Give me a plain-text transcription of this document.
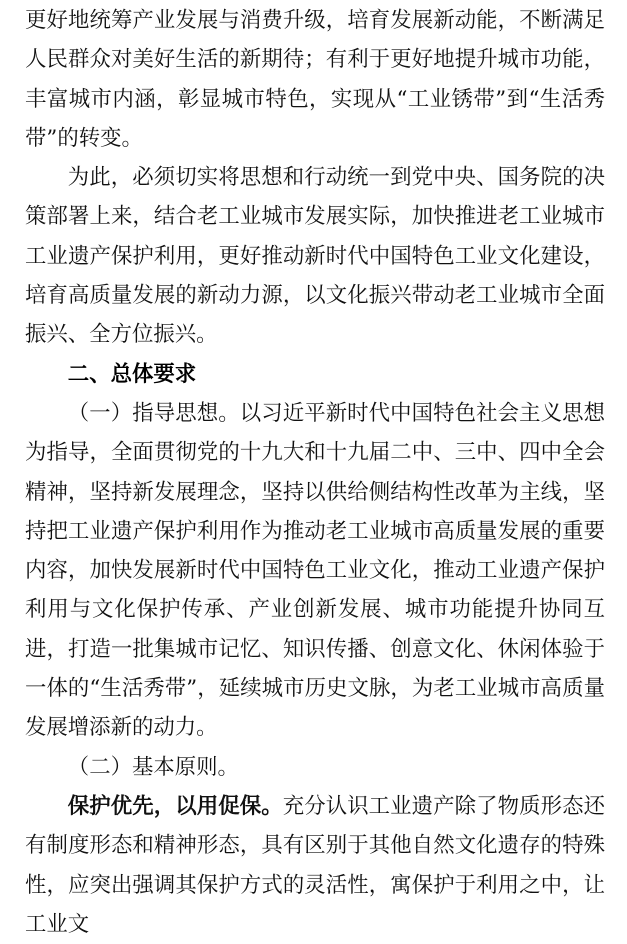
更好地统筹产业发展与消费升级，培育发展新动能，不断满足人民群众对美好生活的新期待；有利于更好地提升城市功能，丰富城市内涵，彰显城市特色，实现从“工业锈带”到“生活秀带”的转变。

为此，必须切实将思想和行动统一到党中央、国务院的决策部署上来，结合老工业城市发展实际，加快推进老工业城市工业遗产保护利用，更好推动新时代中国特色工业文化建设，培育高质量发展的新动力源，以文化振兴带动老工业城市全面振兴、全方位振兴。

二、总体要求

（一）指导思想。以习近平新时代中国特色社会主义思想为指导，全面贯彻党的十九大和十九届二中、三中、四中全会精神，坚持新发展理念，坚持以供给侧结构性改革为主线，坚持把工业遗产保护利用作为推动老工业城市高质量发展的重要内容，加快发展新时代中国特色工业文化，推动工业遗产保护利用与文化保护传承、产业创新发展、城市功能提升协同互进，打造一批集城市记忆、知识传播、创意文化、休闲体验于一体的“生活秀带”，延续城市历史文脉，为老工业城市高质量发展增添新的动力。

（二）基本原则。

保护优先，以用促保。充分认识工业遗产除了物质形态还有制度形态和精神形态，具有区别于其他自然文化遗存的特殊性，应突出强调其保护方式的灵活性，寓保护于利用之中，让工业文
